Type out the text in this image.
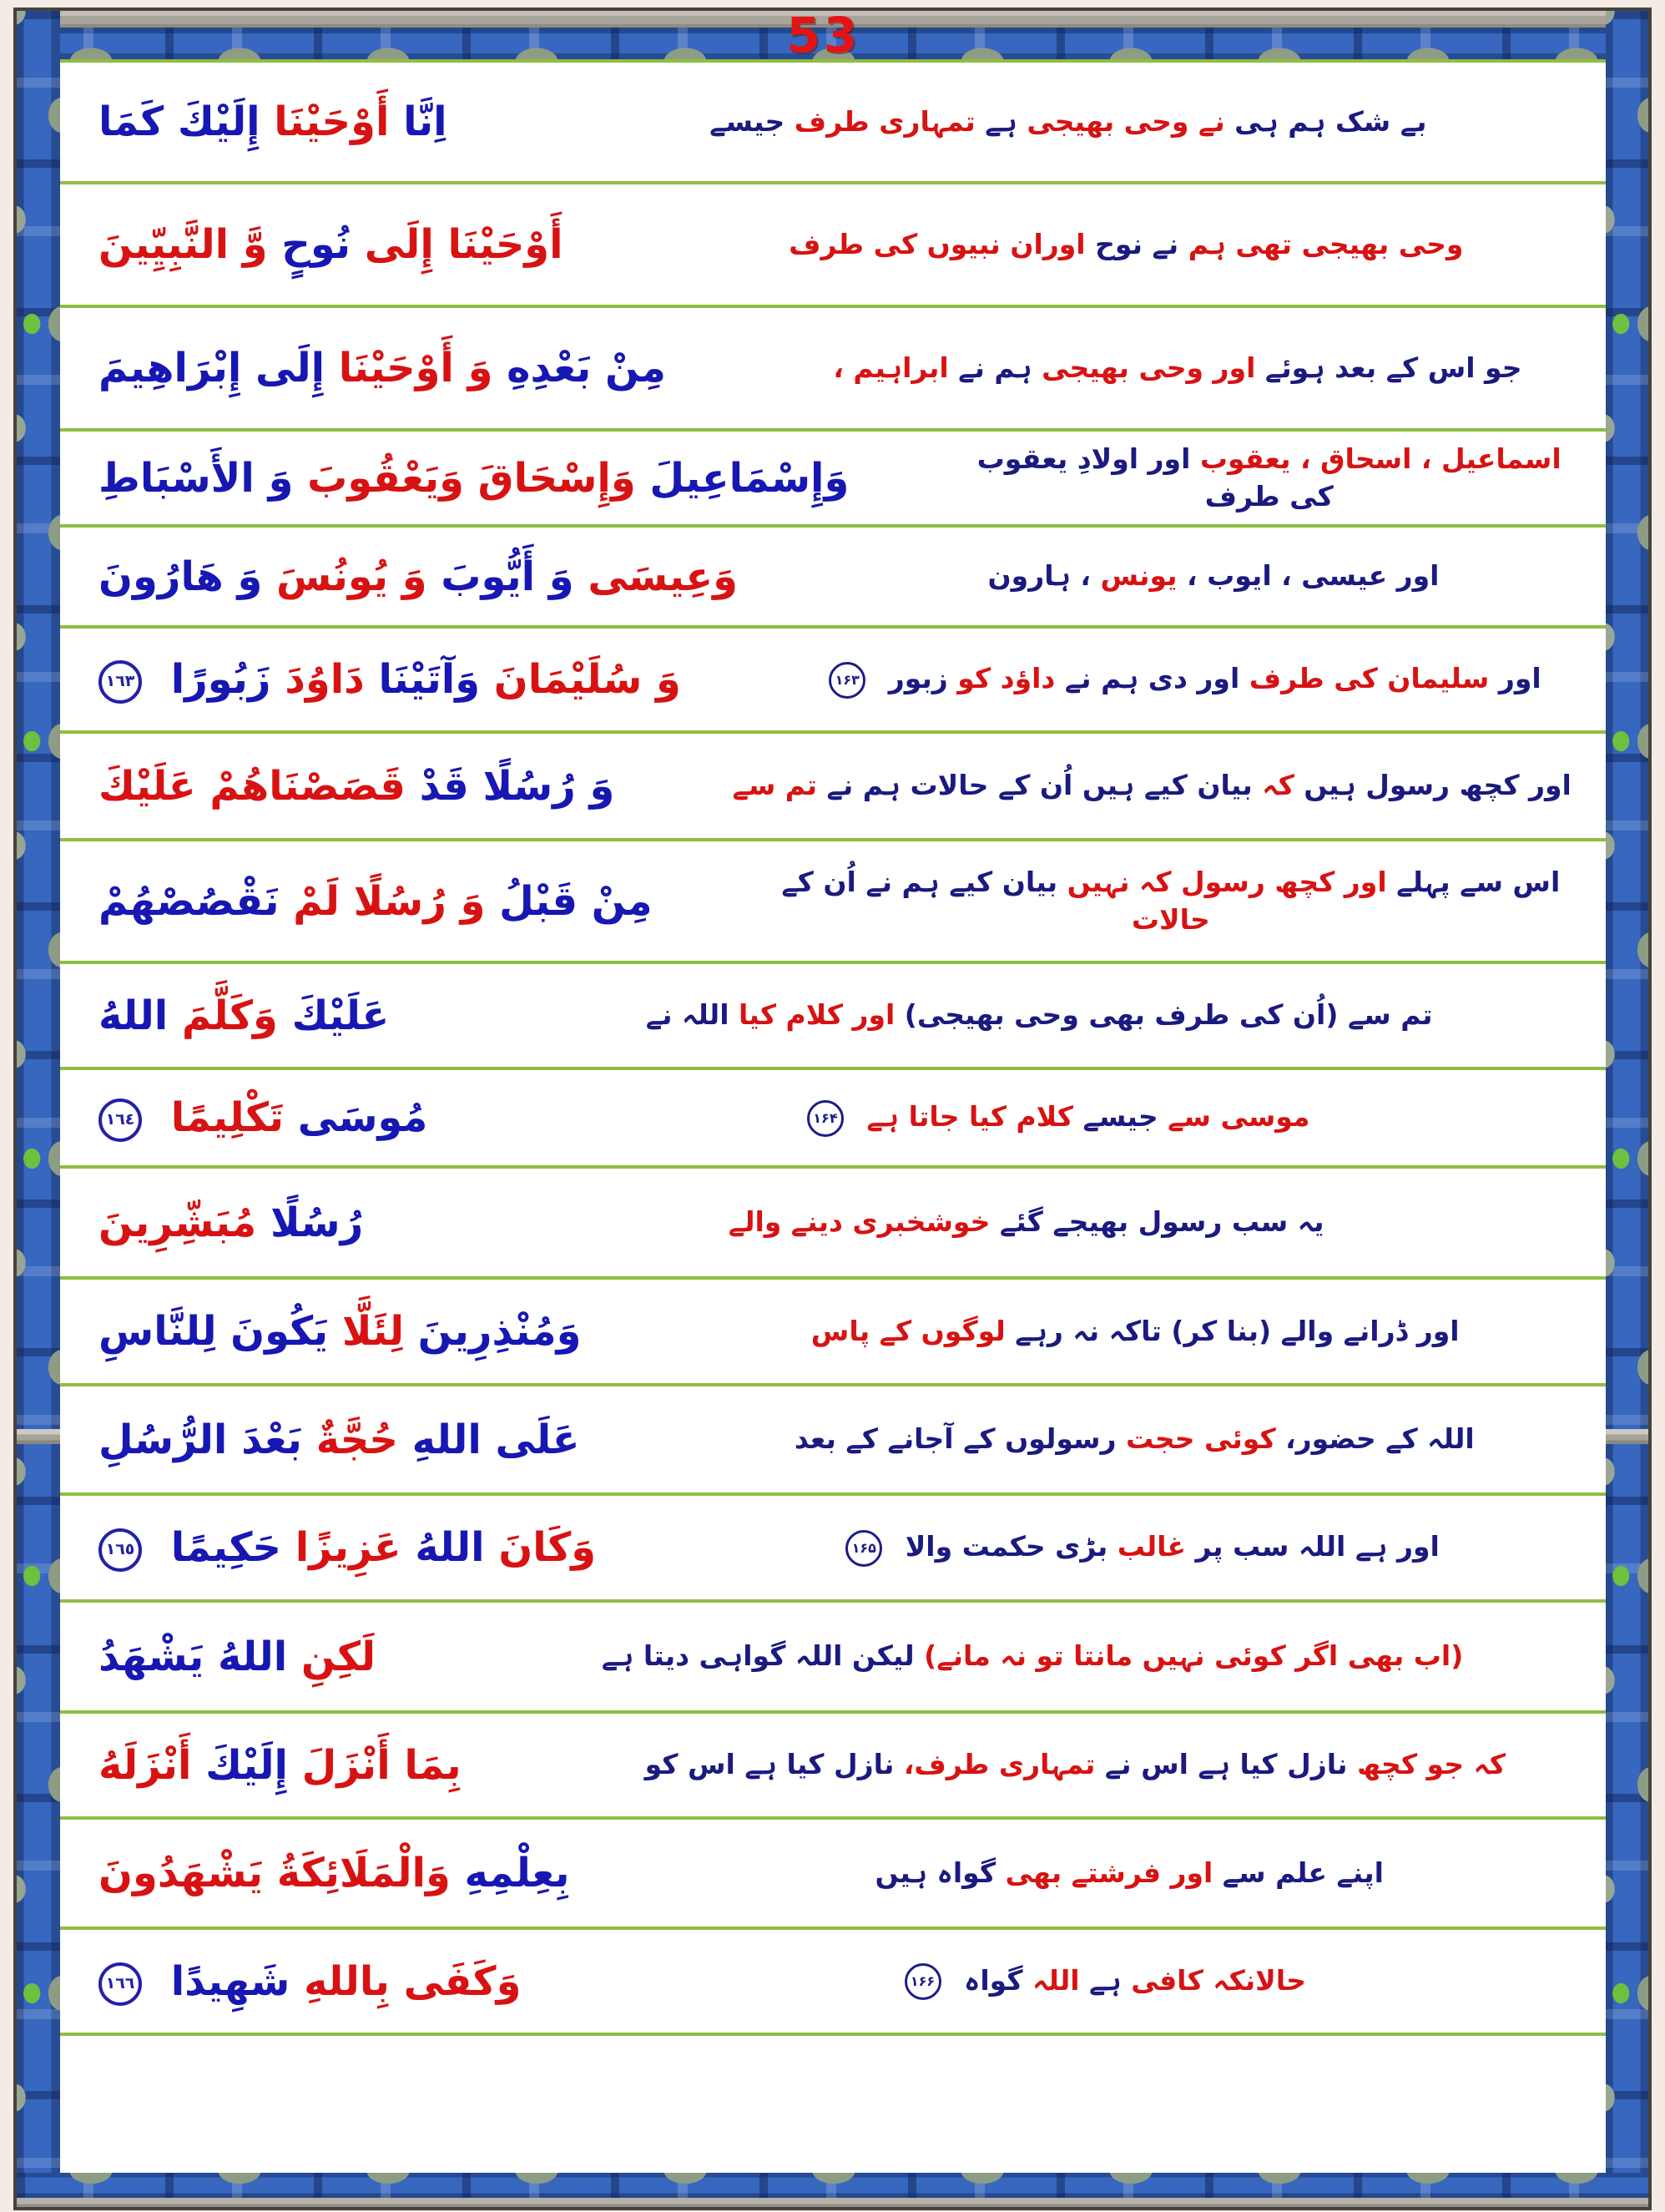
53
بے شک ہم ہی نے وحی بھیجی ہے تمہاری طرف جیسے
اِنَّا أَوْحَيْنَا إِلَيْكَ كَمَا
وحی بھیجی تھی ہم نے نوح اوران نبیوں کی طرف
أَوْحَيْنَا إِلَى نُوحٍ وَّ النَّبِيِّينَ
جو اس کے بعد ہوئے اور وحی بھیجی ہم نے ابراہیم ،
مِنْ بَعْدِهِ وَ أَوْحَيْنَا إِلَى إِبْرَاهِيمَ
اسماعیل ، اسحاق ، یعقوب اور اولادِ یعقوب کی طرف
وَإِسْمَاعِيلَ وَإِسْحَاقَ وَيَعْقُوبَ وَ الأَسْبَاطِ
اور عیسی ، ایوب ، یونس ، ہارون
وَعِيسَى وَ أَيُّوبَ وَ يُونُسَ وَ هَارُونَ
اور سلیمان کی طرف اور دی ہم نے داؤد کو زبور ۱۶۳
وَ سُلَيْمَانَ وَآتَيْنَا دَاوُدَ زَبُورًا ١٦٣
اور کچھ رسول ہیں کہ بیان کیے ہیں اُن کے حالات ہم نے تم سے
وَ رُسُلًا قَدْ قَصَصْنَاهُمْ عَلَيْكَ
اس سے پہلے اور کچھ رسول کہ نہیں بیان کیے ہم نے اُن کے حالات
مِنْ قَبْلُ وَ رُسُلًا لَمْ نَقْصُصْهُمْ
تم سے (اُن کی طرف بھی وحی بھیجی) اور کلام کیا اللہ نے
عَلَيْكَ وَكَلَّمَ اللهُ
موسی سے جیسے کلام کیا جاتا ہے ۱۶۴
مُوسَى تَكْلِيمًا ١٦٤
یہ سب رسول بھیجے گئے خوشخبری دینے والے
رُسُلًا مُبَشِّرِينَ
اور ڈرانے والے (بنا کر) تاکہ نہ رہے لوگوں کے پاس
وَمُنْذِرِينَ لِئَلَّا يَكُونَ لِلنَّاسِ
اللہ کے حضور، کوئی حجت رسولوں کے آجانے کے بعد
عَلَى اللهِ حُجَّةٌ بَعْدَ الرُّسُلِ
اور ہے اللہ سب پر غالب بڑی حکمت والا ۱۶۵
وَكَانَ اللهُ عَزِيزًا حَكِيمًا ١٦٥
(اب بھی اگر کوئی نہیں مانتا تو نہ مانے) لیکن اللہ گواہی دیتا ہے
لَكِنِ اللهُ يَشْهَدُ
کہ جو کچھ نازل کیا ہے اس نے تمہاری طرف، نازل کیا ہے اس کو
بِمَا أَنْزَلَ إِلَيْكَ أَنْزَلَهُ
اپنے علم سے اور فرشتے بھی گواہ ہیں
بِعِلْمِهِ وَالْمَلَائِكَةُ يَشْهَدُونَ
حالانکہ کافی ہے اللہ گواہ ۱۶۶
وَكَفَى بِاللهِ شَهِيدًا ١٦٦
